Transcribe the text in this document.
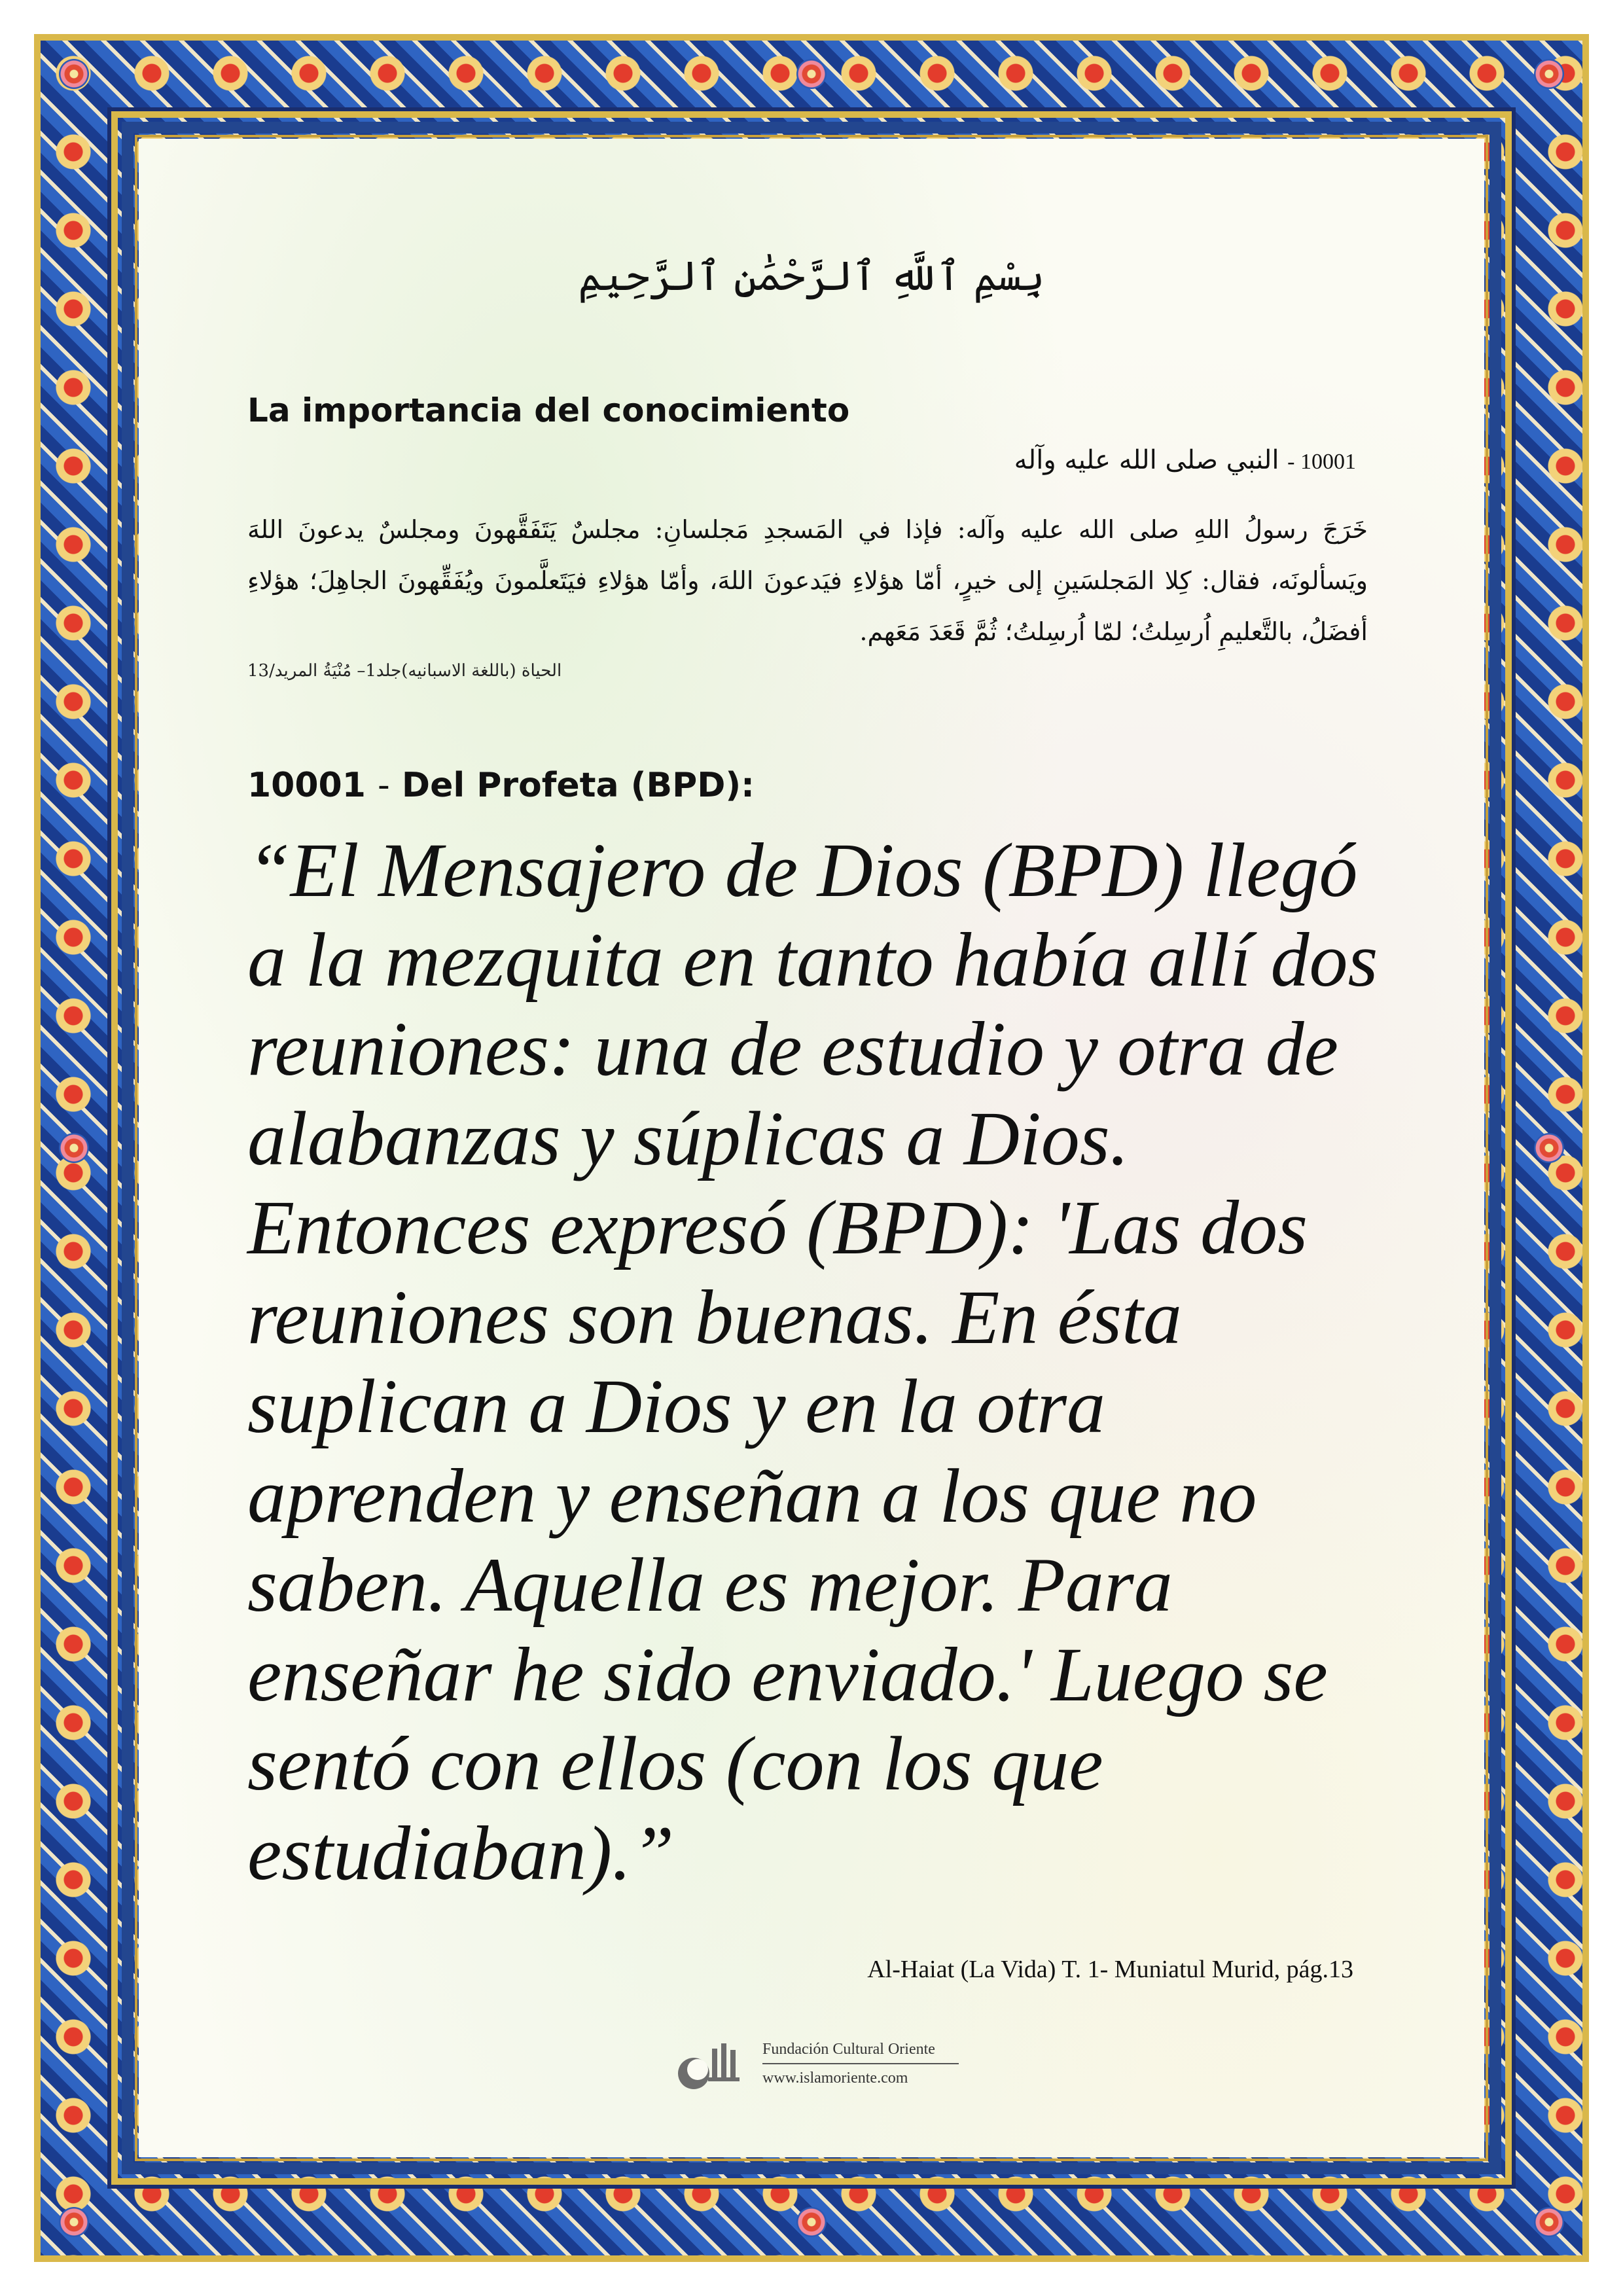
بِسْمِ ٱللَّهِ ٱلرَّحْمَٰنِ ٱلرَّحِيمِ
La importancia del conocimiento
10001 - النبي صلى الله عليه وآله
خَرَجَ رسولُ اللهِ صلى الله عليه وآله: فإذا في المَسجدِ مَجلسانِ: مجلسٌ يَتَفَقَّهونَ ومجلسٌ يدعونَ اللهَ ويَسألونَه، فقال: كِلا المَجلسَينِ إلى خيرٍ، أمّا هؤلاءِ فيَدعونَ اللهَ، وأمّا هؤلاءِ فيَتَعلَّمونَ ويُفَقِّهونَ الجاهِلَ؛ هؤلاءِ أفضَلُ، بالتَّعليمِ اُرسِلتُ؛ لمّا اُرسِلتُ؛ ثُمَّ قَعَدَ مَعَهم.
الحياة (باللغة الاسبانيه)جلد1– مُنْيَةُ المريد/13
10001 - Del Profeta (BPD):
“El Mensajero de Dios (BPD) llegó a la mezquita en tanto había allí dos reuniones: una de estudio y otra de alabanzas y súplicas a Dios. Entonces expresó (BPD): 'Las dos reuniones son buenas. En ésta suplican a Dios y en la otra aprenden y enseñan a los que no saben. Aquella es mejor. Para enseñar he sido enviado.' Luego se sentó con ellos (con los que estudiaban).”
Al-Haiat (La Vida) T. 1- Muniatul Murid, pág.13
Fundación Cultural Oriente
www.islamoriente.com
